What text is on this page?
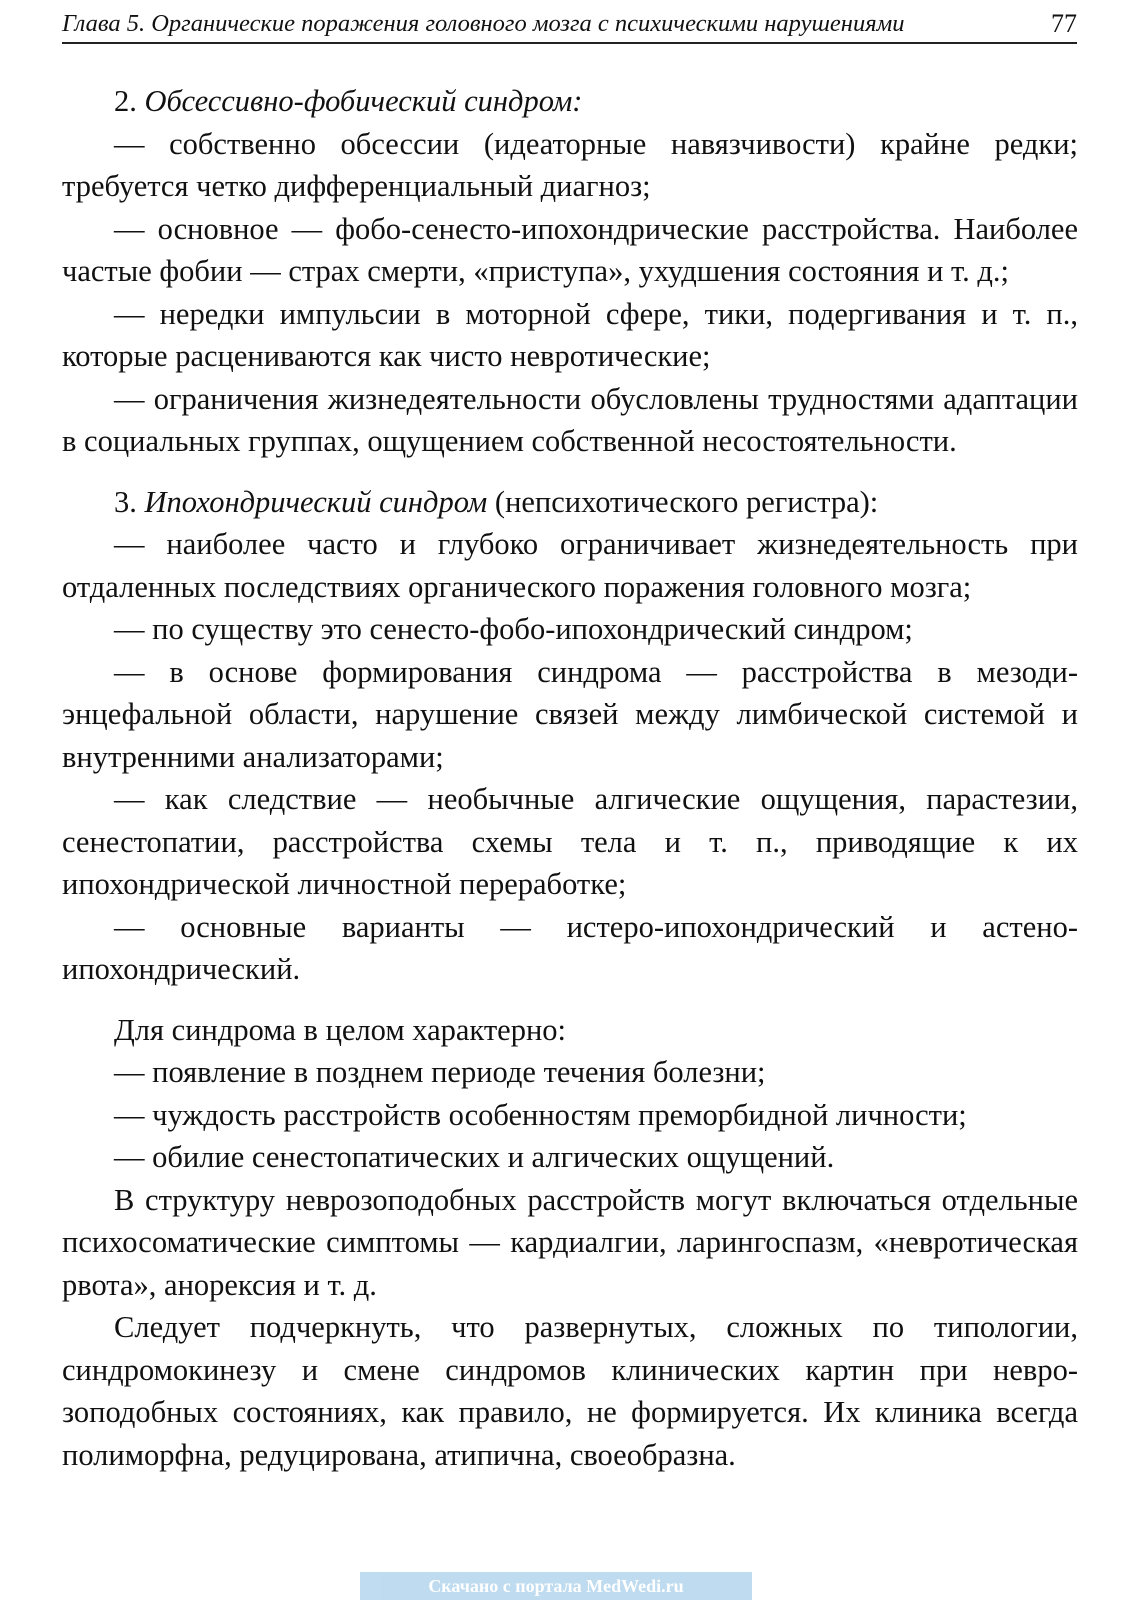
Глава 5. Органические поражения головного мозга с психическими нарушениями	77

2. Обсессивно-фобический синдром:

— собственно обсессии (идеаторные навязчивости) крайне редки; требуется четко дифференциальный диагноз;

— основное — фобо-сенесто-ипохондрические расстройства. Наиболее частые фобии — страх смерти, «приступа», ухудшения состояния и т. д.;

— нередки импульсии в моторной сфере, тики, подергивания и т. п., которые расцениваются как чисто невротические;

— ограничения жизнедеятельности обусловлены трудностями адаптации в социальных группах, ощущением собственной несостоятельности.

3. Ипохондрический синдром (непсихотического регистра):

— наиболее часто и глубоко ограничивает жизнедеятельность при отдаленных последствиях органического поражения головного мозга;

— по существу это сенесто-фобо-ипохондрический синдром;

— в основе формирования синдрома — расстройства в мезодиэнцефальной области, нарушение связей между лимбической системой и внутренними анализаторами;

— как следствие — необычные алгические ощущения, параcтезии, сенестопатии, расстройства схемы тела и т. п., приводящие к их ипохондрической личностной переработке;

— основные варианты — истеро-ипохондрический и астеноипохондрический.

Для синдрома в целом характерно:

— появление в позднем периоде течения болезни;

— чуждость расстройств особенностям преморбидной личности;

— обилие сенестопатических и алгических ощущений.

В структуру неврозоподобных расстройств могут включаться отдельные психосоматические симптомы — кардиалгии, ларингоспазм, «невротическая рвота», анорексия и т. д.

Следует подчеркнуть, что развернутых, сложных по типологии, синдромокинезу и смене синдромов клинических картин при неврозоподобных состояниях, как правило, не формируется. Их клиника всегда полиморфна, редуцирована, атипична, своеобразна.

Скачано с портала MedWedi.ru
